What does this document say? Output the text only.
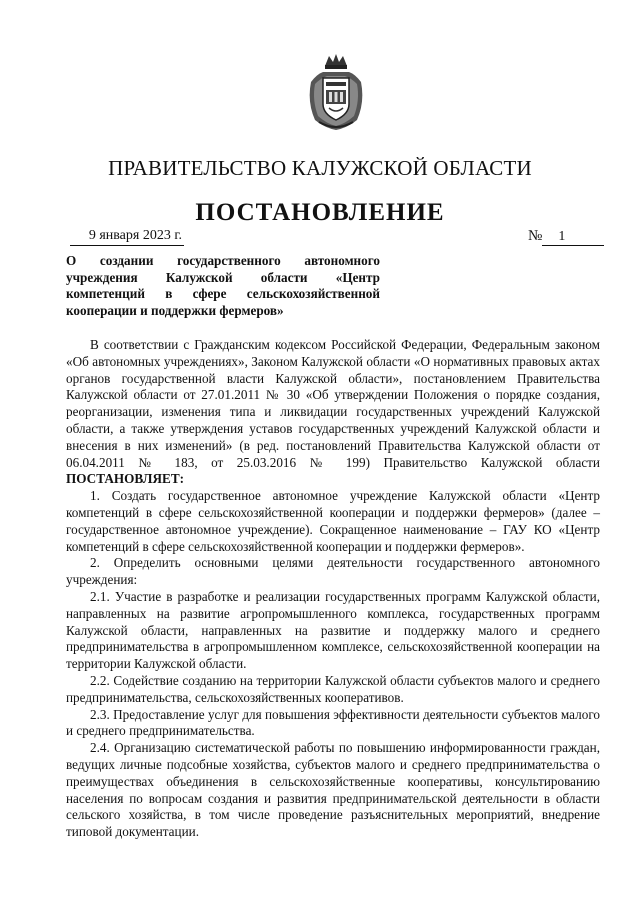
ПРАВИТЕЛЬСТВО КАЛУЖСКОЙ ОБЛАСТИ
ПОСТАНОВЛЕНИЕ
9 января 2023 г.	№ 1
О создании государственного автономного
учреждения Калужской области «Центр
компетенций в сфере сельскохозяйственной
кооперации и поддержки фермеров»

В соответствии с Гражданским кодексом Российской Федерации, Федеральным законом «Об автономных учреждениях», Законом Калужской области «О нормативных правовых актах органов государственной власти Калужской области», постановлением Правительства Калужской области от 27.01.2011 № 30 «Об утверждении Положения о порядке создания, реорганизации, изменения типа и ликвидации государственных учреждений Калужской области, а также утверждения уставов государственных учреждений Калужской области и внесения в них изменений» (в ред. постановлений Правительства Калужской области от 06.04.2011 № 183, от 25.03.2016 № 199) Правительство Калужской области ПОСТАНОВЛЯЕТ:

1. Создать государственное автономное учреждение Калужской области «Центр компетенций в сфере сельскохозяйственной кооперации и поддержки фермеров» (далее – государственное автономное учреждение). Сокращенное наименование – ГАУ КО «Центр компетенций в сфере сельскохозяйственной кооперации и поддержки фермеров».

2. Определить основными целями деятельности государственного автономного учреждения:

2.1. Участие в разработке и реализации государственных программ Калужской области, направленных на развитие агропромышленного комплекса, государственных программ Калужской области, направленных на развитие и поддержку малого и среднего предпринимательства в агропромышленном комплексе, сельскохозяйственной кооперации на территории Калужской области.

2.2. Содействие созданию на территории Калужской области субъектов малого и среднего предпринимательства, сельскохозяйственных кооперативов.

2.3. Предоставление услуг для повышения эффективности деятельности субъектов малого и среднего предпринимательства.

2.4. Организацию систематической работы по повышению информированности граждан, ведущих личные подсобные хозяйства, субъектов малого и среднего предпринимательства о преимуществах объединения в сельскохозяйственные кооперативы, консультированию населения по вопросам создания и развития предпринимательской деятельности в области сельского хозяйства, в том числе проведение разъяснительных мероприятий, внедрение типовой документации.
